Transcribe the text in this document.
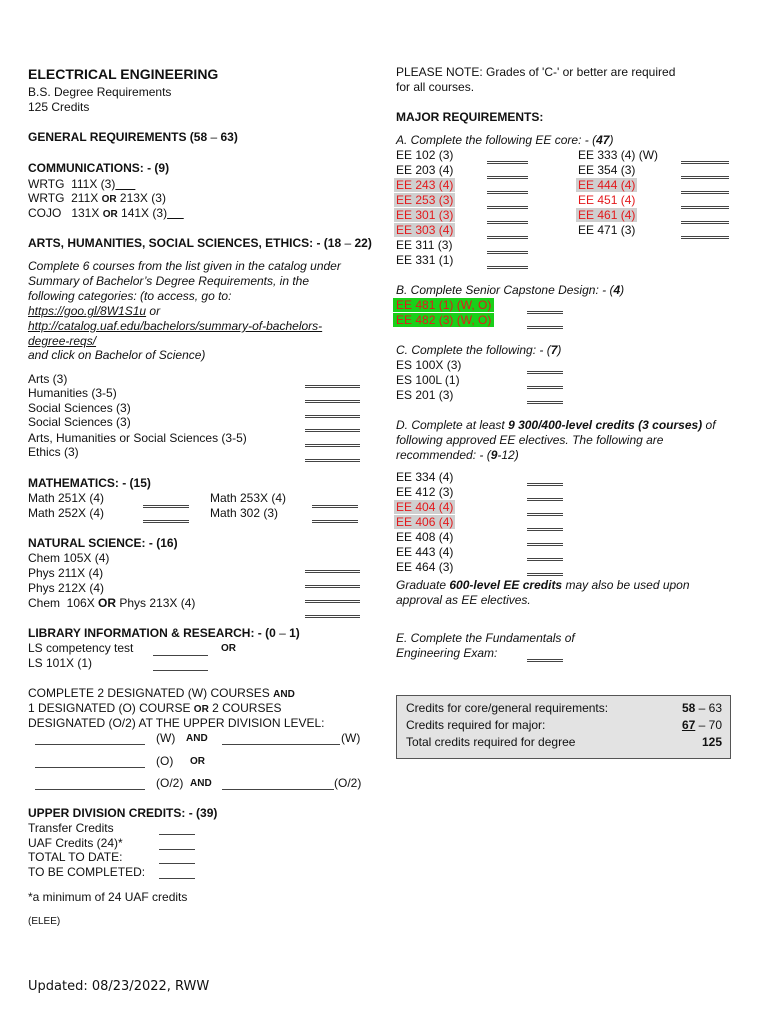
ELECTRICAL ENGINEERING
B.S. Degree Requirements
125 Credits
GENERAL REQUIREMENTS (58 – 63)
COMMUNICATIONS: - (9)
WRTG  111X (3)
WRTG  211X OR 213X (3)
COJO   131X OR 141X (3)
ARTS, HUMANITIES, SOCIAL SCIENCES, ETHICS: - (18 – 22)
Complete 6 courses from the list given in the catalog under
Summary of Bachelor’s Degree Requirements, in the
following categories: (to access, go to:
https://goo.gl/8W1S1u or
http://catalog.uaf.edu/bachelors/summary-of-bachelors-
degree-reqs/
and click on Bachelor of Science)
Arts (3)
Humanities (3-5)
Social Sciences (3)
Social Sciences (3)
Arts, Humanities or Social Sciences (3-5)
Ethics (3)
MATHEMATICS: - (15)
Math 251X (4)
Math 252X (4)
Math 253X (4)
Math 302 (3)
NATURAL SCIENCE: - (16)
Chem 105X (4)
Phys 211X (4)
Phys 212X (4)
Chem  106X OR Phys 213X (4)
LIBRARY INFORMATION & RESEARCH: - (0 – 1)
LS competency test
LS 101X (1)
OR
COMPLETE 2 DESIGNATED (W) COURSES AND
1 DESIGNATED (O) COURSE OR 2 COURSES
DESIGNATED (O/2) AT THE UPPER DIVISION LEVEL:
(W) AND	(W)
(O) OR
(O/2) AND	(O/2)
UPPER DIVISION CREDITS: - (39)
Transfer Credits
UAF Credits (24)*
TOTAL TO DATE:
TO BE COMPLETED:
*a minimum of 24 UAF credits
(ELEE)
Updated: 08/23/2022, RWW
PLEASE NOTE: Grades of 'C-' or better are required
for all courses.
MAJOR REQUIREMENTS:
A. Complete the following EE core: - (47)
EE 102 (3)
EE 203 (4)
EE 243 (4)
EE 253 (3)
EE 301 (3)
EE 303 (4)
EE 311 (3)
EE 331 (1)
EE 333 (4) (W)
EE 354 (3)
EE 444 (4)
EE 451 (4)
EE 461 (4)
EE 471 (3)
B. Complete Senior Capstone Design: - (4)
EE 481 (1) (W, O)
EE 482 (3) (W, O)
C. Complete the following: - (7)
ES 100X (3)
ES 100L (1)
ES 201 (3)
D. Complete at least 9 300/400-level credits (3 courses) of
following approved EE electives. The following are
recommended: - (9-12)
EE 334 (4)
EE 412 (3)
EE 404 (4)
EE 406 (4)
EE 408 (4)
EE 443 (4)
EE 464 (3)
Graduate 600-level EE credits may also be used upon
approval as EE electives.
E. Complete the Fundamentals of
Engineering Exam:
Credits for core/general requirements:
Credits required for major:
Total credits required for degree
58 – 63
67 – 70
125
